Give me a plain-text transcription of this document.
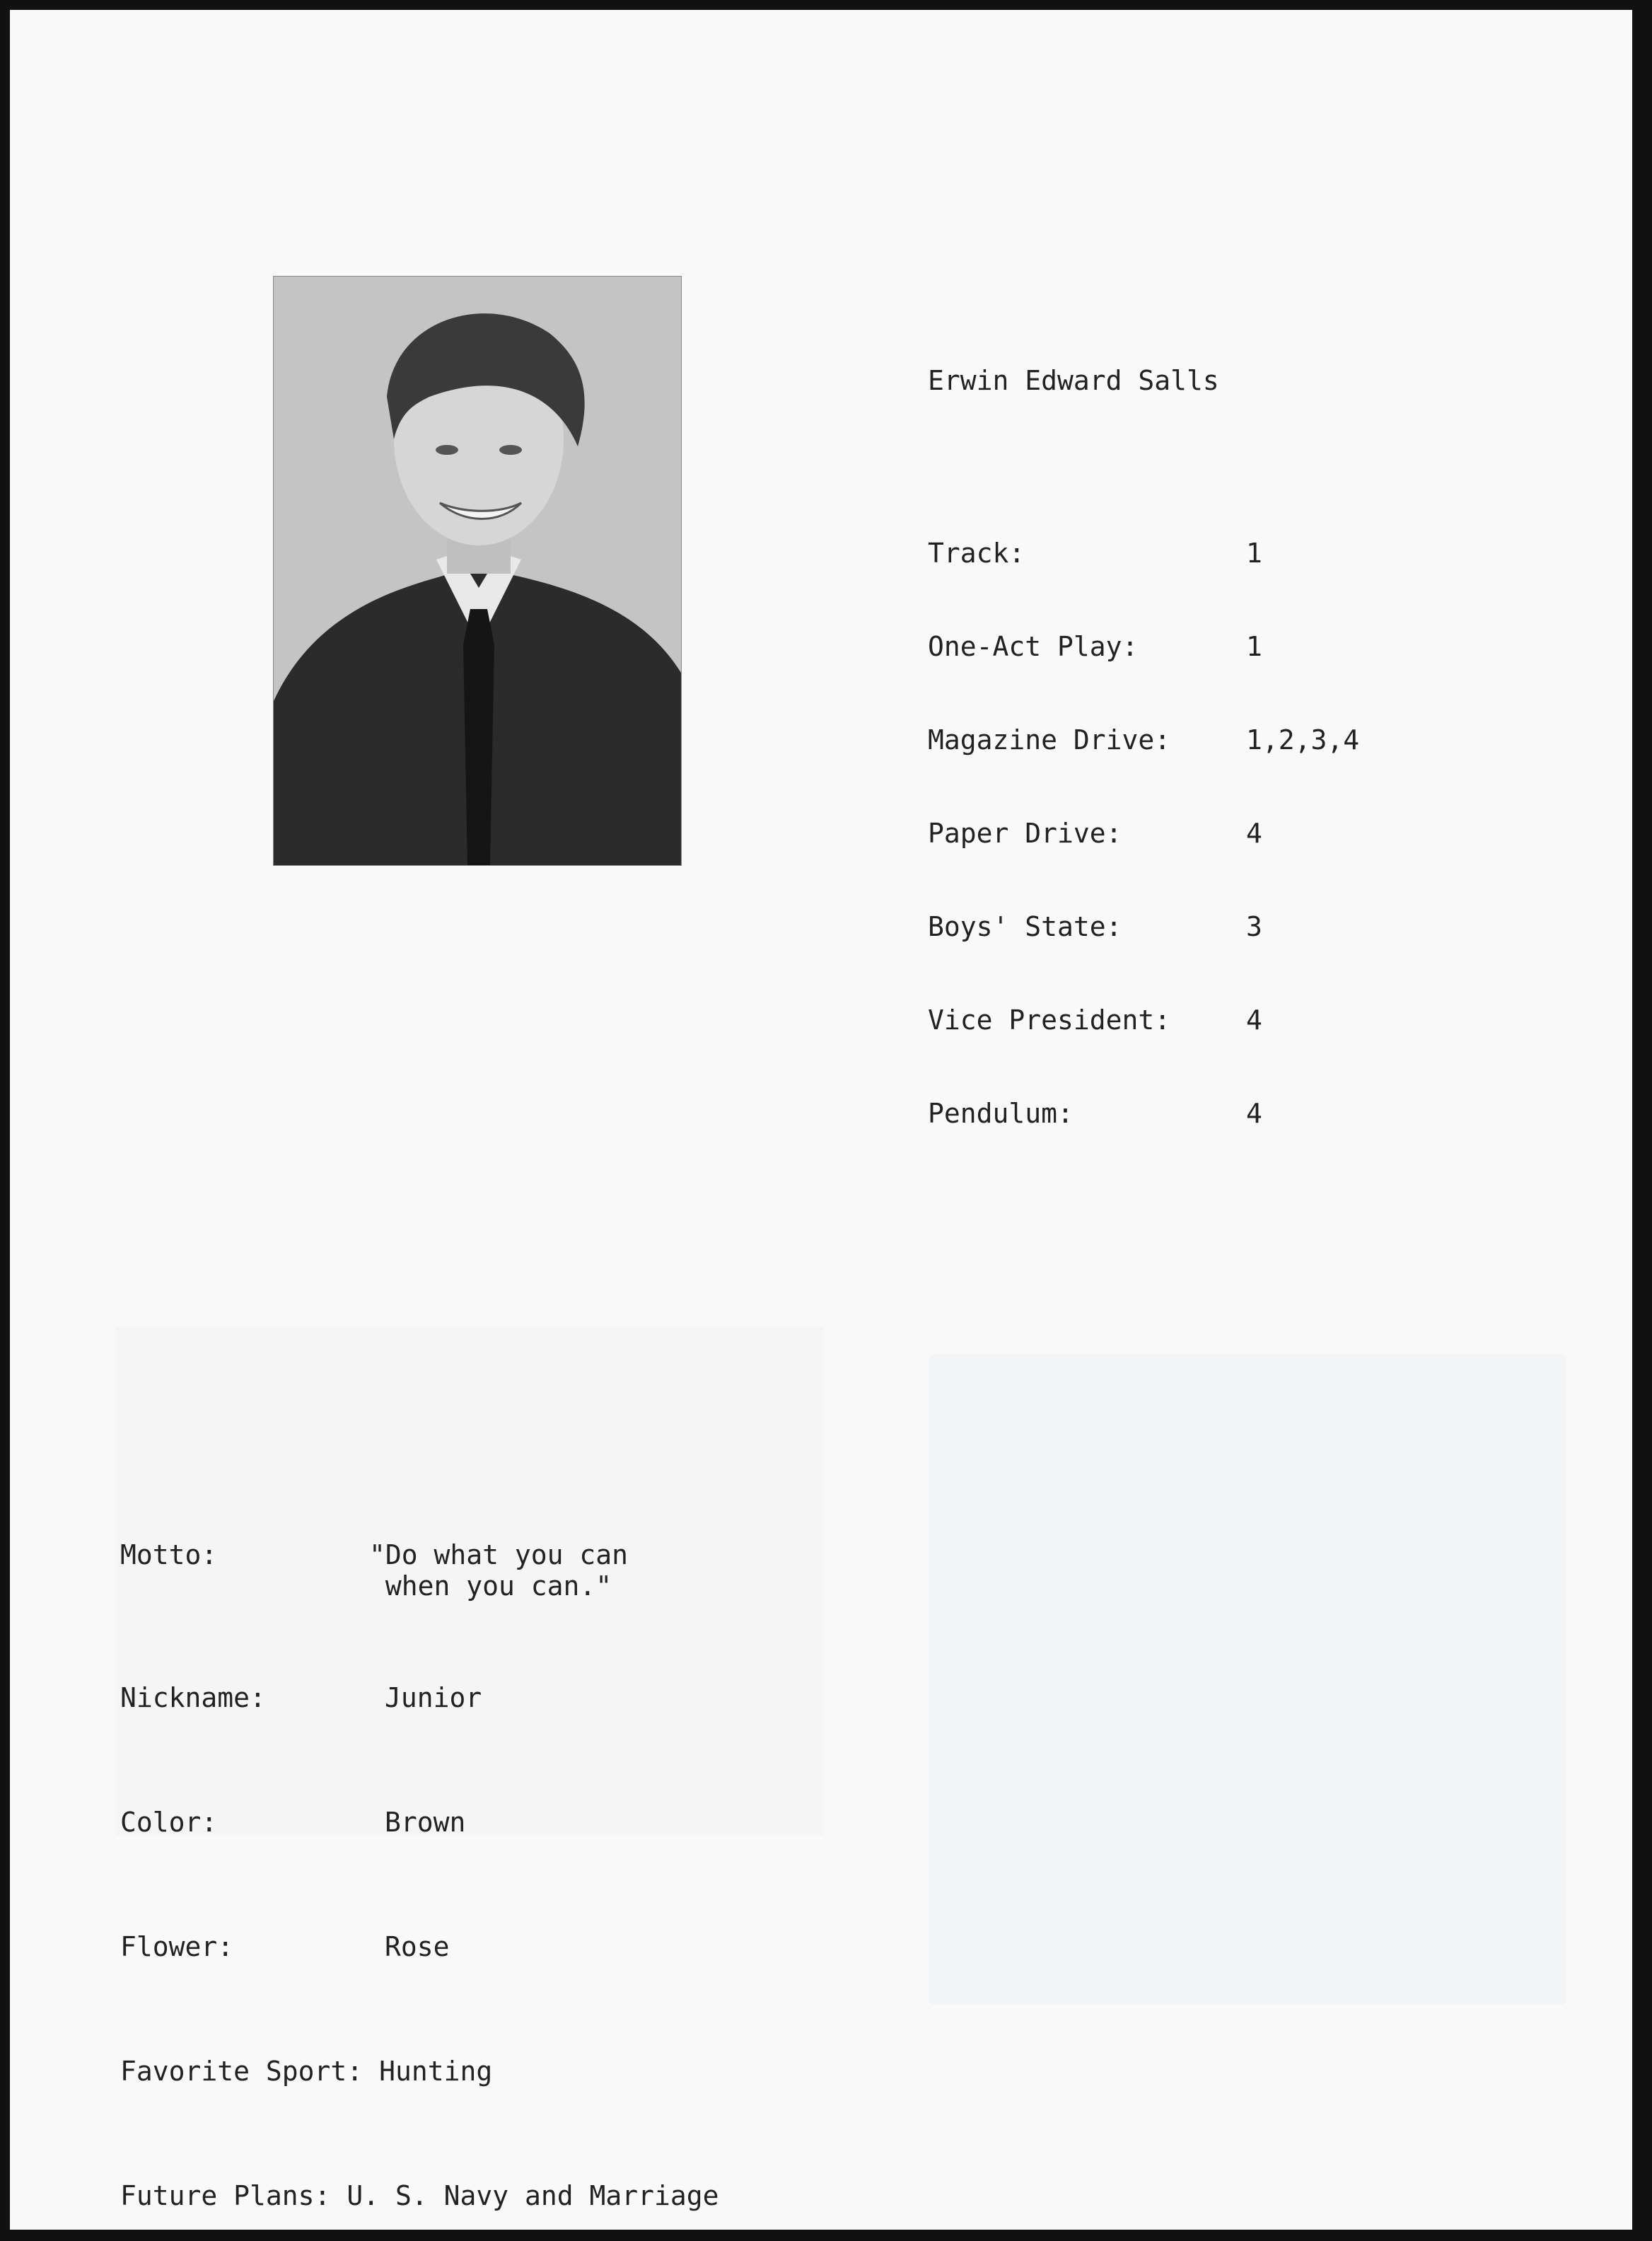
Erwin Edward Salls

Track:	1

One-Act Play:	1

Magazine Drive:	1,2,3,4

Paper Drive:	4

Boys' State:	3

Vice President:	4

Pendulum:	4

Motto:	"Do what you can
when you can."

Nickname:	Junior

Color:	Brown

Flower:	Rose

Favorite Sport:
Hunting

Future Plans:
U. S. Navy and Marriage
